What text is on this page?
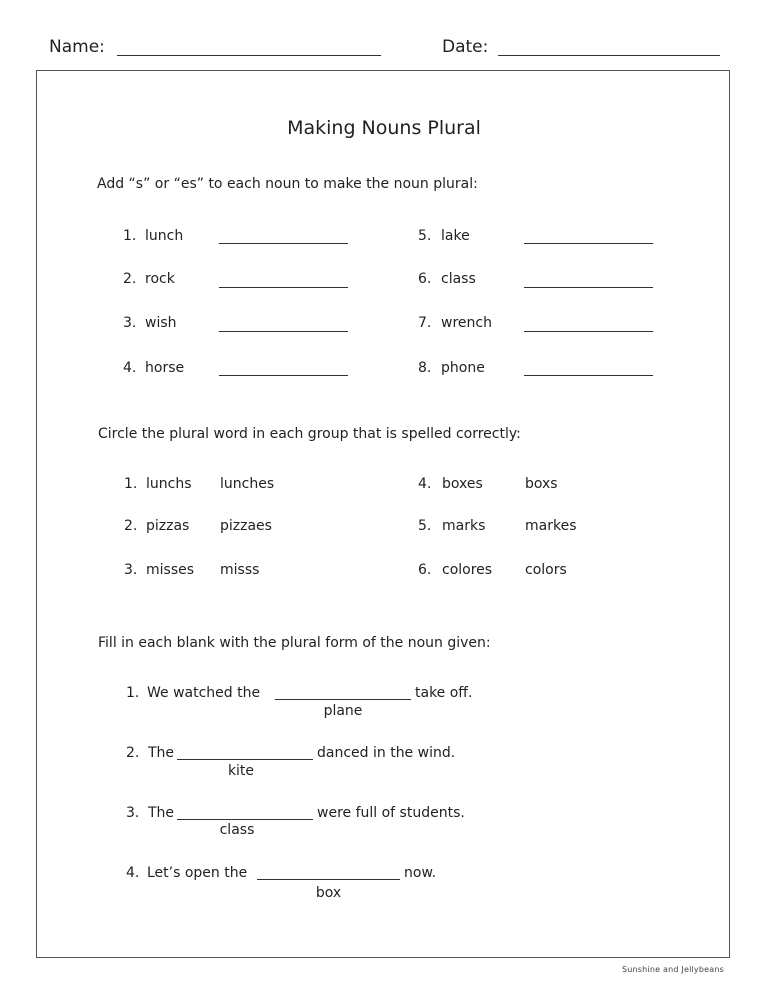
Name:	Date:
Making Nouns Plural
Add “s” or “es” to each noun to make the noun plural:
1. lunch
2. rock
3. wish
4. horse
5. lake
6. class
7. wrench
8. phone
Circle the plural word in each group that is spelled correctly:
1. lunchs lunches
2. pizzas pizzaes
3. misses misss
4. boxes	boxs
5. marks	markes
6. colores colors
Fill in each blank with the plural form of the noun given:
1. We watched the	take off.
plane
2. The	danced in the wind.
kite
3. The	were full of students.
class
4. Let’s open the	now.
box
Sunshine and Jellybeans
